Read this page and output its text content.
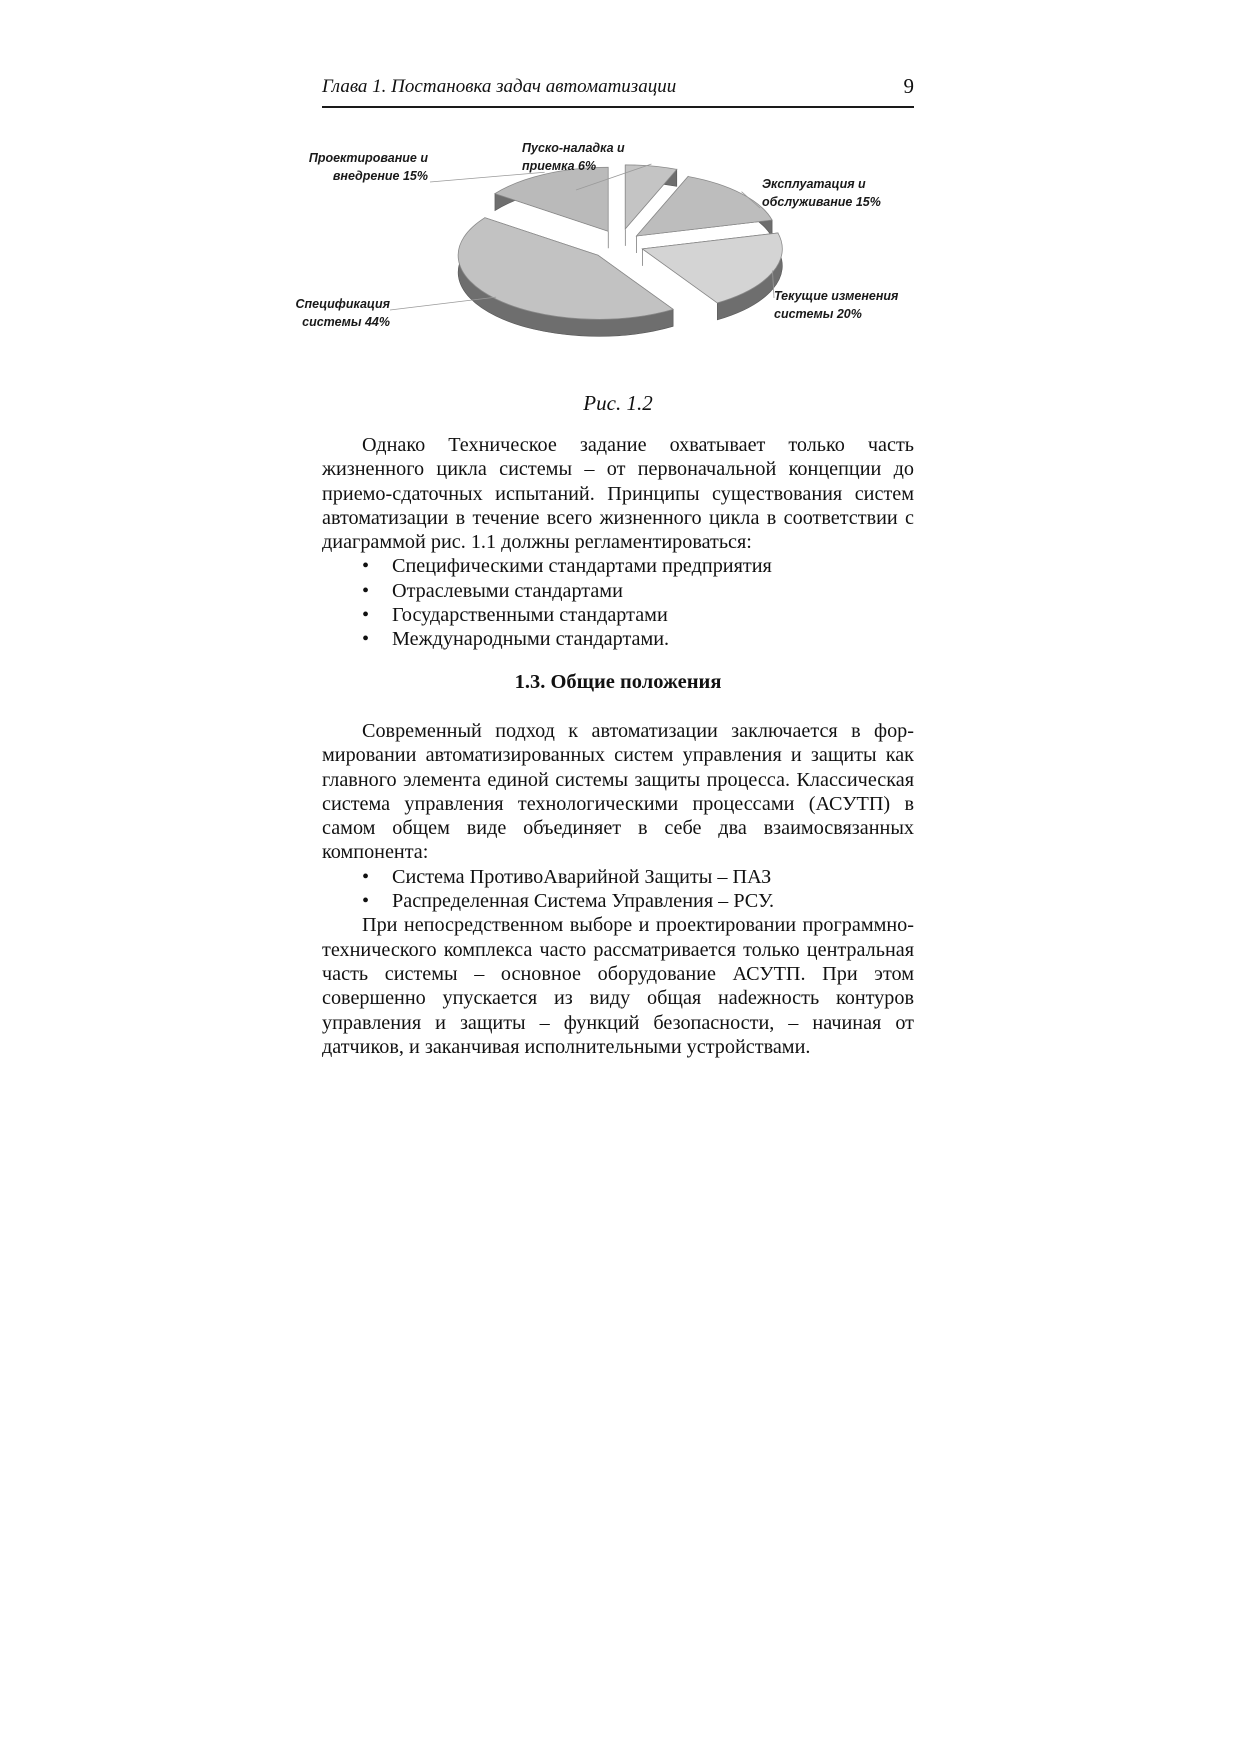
Глава 1. Постановка задач автоматизации	9
Пуско-наладка и приемка 6%
Эксплуатация и обслуживание 15%
Текущие изменения системы 20%
Спецификация системы 44%
Проектирование и внедрение 15%
Рис. 1.2

Однако Техническое задание охватывает только часть жизненного цикла системы – от первоначальной концепции до приемо-сдаточных испытаний. Принципы существования систем автоматизации в течение всего жизненного цикла в соответствии с диаграммой рис. 1.1 должны регламентироваться:

• Специфическими стандартами предприятия
• Отраслевыми стандартами
• Государственными стандартами
• Международными стандартами.
1.3. Общие положения

Современный подход к автоматизации заключается в формировании автоматизированных систем управления и защиты как главного элемента единой системы защиты процесса. Классическая система управления технологическими процессами (АСУТП) в самом общем виде объединяет в себе два взаимосвязанных компонента:

• Система ПротивоАварийной Защиты – ПАЗ
• Распределенная Система Управления – РСУ.

При непосредственном выборе и проектировании программно-технического комплекса часто рассматривается только центральная часть системы – основное оборудование АСУТП. При этом совершенно упускается из виду общая наdежность контуров управления и защиты – функций безопасности, – начиная от датчиков, и заканчивая исполнительными устройствами.
